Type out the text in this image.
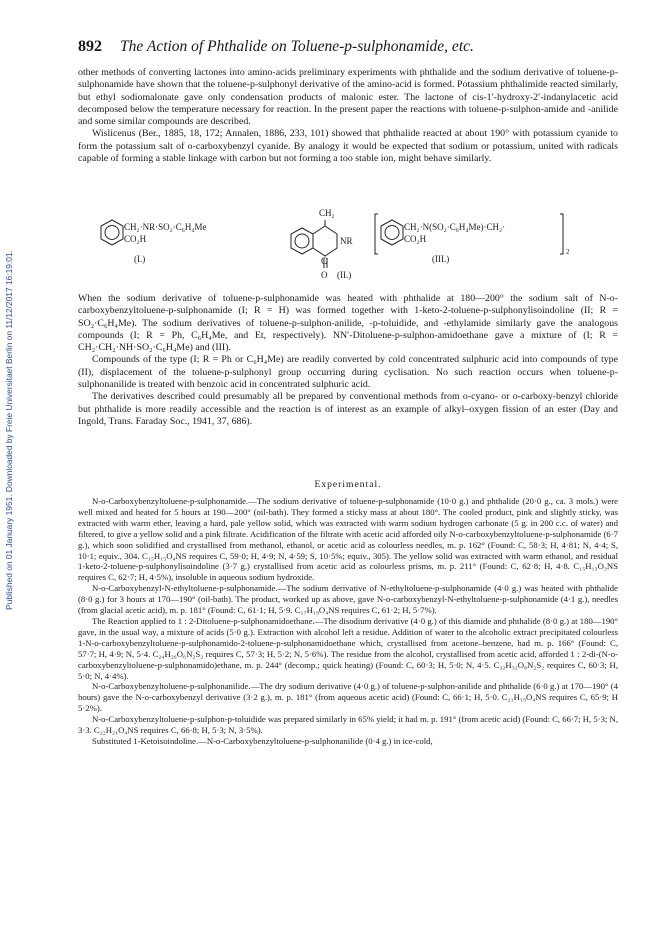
Published on 01 January 1951. Downloaded by Freie Universitaet Berlin on 11/12/2017 16:19:01.
892 The Action of Phthalide on Toluene-p-sulphonamide, etc.

other methods of converting lactones into amino-acids preliminary experiments with phthalide and the sodium derivative of toluene-p-sulphonamide have shown that the toluene-p-sulphonyl derivative of the amino-acid is formed. Potassium phthalimide reacted similarly, but ethyl sodiomalonate gave only condensation products of malonic ester. The lactone of cis-1′-hydroxy-2′-indanylacetic acid decomposed below the temperature necessary for reaction. In the present paper the reactions with toluene-p-sulphon-amide and -anilide and some similar compounds are described.

Wislicenus (Ber., 1885, 18, 172; Annalen, 1886, 233, 101) showed that phthalide reacted at about 190° with potassium cyanide to form the potassium salt of o-carboxybenzyl cyanide. By analogy it would be expected that sodium or potassium, united with radicals capable of forming a stable linkage with carbon but not forming a too stable ion, might behave similarly.

CH₂·NR·SO₂·C₆H₄Me
CO₂H
(I.)
CH₂
NR
C
O (II.)
CH₂·N(SO₂·C₆H₄Me)·CH₂·
CO₂H
2
(III.)

When the sodium derivative of toluene-p-sulphonamide was heated with phthalide at 180—200° the sodium salt of N-o-carboxybenzyltoluene-p-sulphonamide (I; R = H) was formed together with 1-keto-2-toluene-p-sulphonylisoindoline (II; R = SO₂·C₆H₄Me). The sodium derivatives of toluene-p-sulphon-anilide, -p-toluidide, and -ethylamide similarly gave the analogous compounds (I; R = Ph, C₆H₄Me, and Et, respectively). NN′-Ditoluene-p-sulphon-amidoethane gave a mixture of (I; R = CH₂·CH₂·NH·SO₂·C₆H₄Me) and (III).

Compounds of the type (I; R = Ph or C₆H₄Me) are readily converted by cold concentrated sulphuric acid into compounds of type (II), displacement of the toluene-p-sulphonyl group occurring during cyclisation. No such reaction occurs when toluene-p-sulphonanilide is treated with benzoic acid in concentrated sulphuric acid.

The derivatives described could presumably all be prepared by conventional methods from o-cyano- or o-carboxy-benzyl chloride but phthalide is more readily accessible and the reaction is of interest as an example of alkyl–oxygen fission of an ester (Day and Ingold, Trans. Faraday Soc., 1941, 37, 686).

Experimental.

N-o-Carboxybenzyltoluene-p-sulphonamide.—The sodium derivative of toluene-p-sulphonamide (10·0 g.) and phthalide (20·0 g., ca. 3 mols.) were well mixed and heated for 5 hours at 190—200° (oil-bath). They formed a sticky mass at about 180°. The cooled product, pink and slightly sticky, was extracted with warm ether, leaving a hard, pale yellow solid, which was extracted with warm sodium hydrogen carbonate (5 g. in 200 c.c. of water) and filtered, to give a yellow solid and a pink filtrate. Acidification of the filtrate with acetic acid afforded oily N-o-carboxybenzyltoluene-p-sulphonamide (6·7 g.), which soon solidified and crystallised from methanol, ethanol, or acetic acid as colourless needles, m. p. 162° (Found: C, 58·3; H, 4·81; N, 4·4; S, 10·1; equiv., 304. C₁₅H₁₅O₄NS requires C, 59·0; H, 4·9; N, 4·59; S, 10·5%; equiv., 305). The yellow solid was extracted with warm ethanol, and residual 1-keto-2-toluene-p-sulphonylisoindoline (3·7 g.) crystallised from acetic acid as colourless prisms, m. p. 211° (Found: C, 62·8; H, 4·8. C₁₅H₁₃O₃NS requires C, 62·7; H, 4·5%), insoluble in aqueous sodium hydroxide.

N-o-Carboxybenzyl-N-ethyltoluene-p-sulphonamide.—The sodium derivative of N-ethyltoluene-p-sulphonamide (4·0 g.) was heated with phthalide (8·0 g.) for 3 hours at 170—190° (oil-bath). The product, worked up as above, gave N-o-carboxybenzyl-N-ethyltoluene-p-sulphonamide (4·1 g.), needles (from glacial acetic acid), m. p. 181° (Found: C, 61·1; H, 5·9. C₁₇H₁₉O₄NS requires C, 61·2; H, 5·7%).

The Reaction applied to 1 : 2-Ditoluene-p-sulphonamidoethane.—The disodium derivative (4·0 g.) of this diamide and phthalide (8·0 g.) at 180—190° gave, in the usual way, a mixture of acids (5·0 g.). Extraction with alcohol left a residue. Addition of water to the alcoholic extract precipitated colourless 1-N-o-carboxybenzyltoluene-p-sulphonamido-2-toluene-p-sulphonamidoethane which, crystallised from acetone–benzene, had m. p. 166° (Found: C, 57·7; H, 4·9; N, 5·4. C₂₄H₂₆O₆N₂S₂ requires C, 57·3; H, 5·2; N, 5·6%). The residue from the alcohol, crystallised from acetic acid, afforded 1 : 2-di-(N-o-carboxybenzyltoluene-p-sulphonamido)ethane, m. p. 244° (decomp.; quick heating) (Found: C, 60·3; H, 5·0; N, 4·5. C₃₂H₃₂O₈N₂S₂ requires C, 60·3; H, 5·0; N, 4·4%).

N-o-Carboxybenzyltoluene-p-sulphonanilide.—The dry sodium derivative (4·0 g.) of toluene-p-sulphon-anilide and phthalide (6·0 g.) at 170—190° (4 hours) gave the N-o-carboxybenzyl derivative (3·2 g.), m. p. 181° (from aqueous acetic acid) (Found: C, 66·1; H, 5·0. C₂₁H₁₉O₄NS requires C, 65·9; H 5·2%).

N-o-Carboxybenzyltoluene-p-sulphon-p-toluidide was prepared similarly in 65% yield; it had m. p. 191° (from acetic acid) (Found: C, 66·7; H, 5·3; N, 3·3. C₂₂H₂₁O₄NS requires C, 66·8; H, 5·3; N, 3·5%).

Substituted 1-Ketoisoindoline.—N-o-Carboxybenzyltoluene-p-sulphonanilide (0·4 g.) in ice-cold,
